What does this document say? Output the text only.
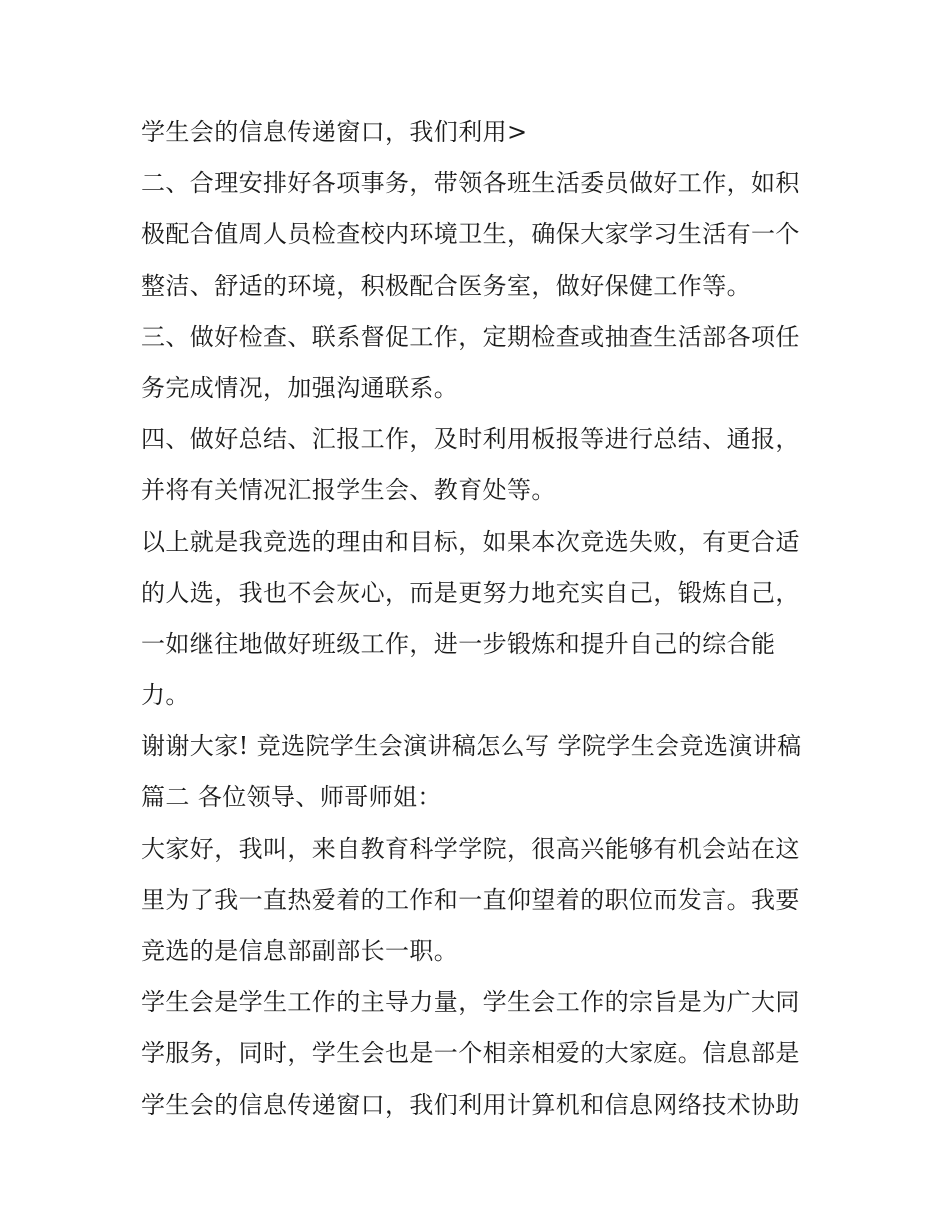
学生会的信息传递窗口，我们利用>
二、合理安排好各项事务，带领各班生活委员做好工作，如积
极配合值周人员检查校内环境卫生，确保大家学习生活有一个
整洁、舒适的环境，积极配合医务室，做好保健工作等。
三、做好检查、联系督促工作，定期检查或抽查生活部各项任
务完成情况，加强沟通联系。
四、做好总结、汇报工作，及时利用板报等进行总结、通报，
并将有关情况汇报学生会、教育处等。
以上就是我竞选的理由和目标，如果本次竞选失败，有更合适
的人选，我也不会灰心，而是更努力地充实自己，锻炼自己，
一如继往地做好班级工作，进一步锻炼和提升自己的综合能
力。
谢谢大家! 竞选院学生会演讲稿怎么写 学院学生会竞选演讲稿
篇二 各位领导、师哥师姐：
大家好，我叫，来自教育科学学院，很高兴能够有机会站在这
里为了我一直热爱着的工作和一直仰望着的职位而发言。我要
竞选的是信息部副部长一职。
学生会是学生工作的主导力量，学生会工作的宗旨是为广大同
学服务，同时，学生会也是一个相亲相爱的大家庭。信息部是
学生会的信息传递窗口，我们利用计算机和信息网络技术协助
